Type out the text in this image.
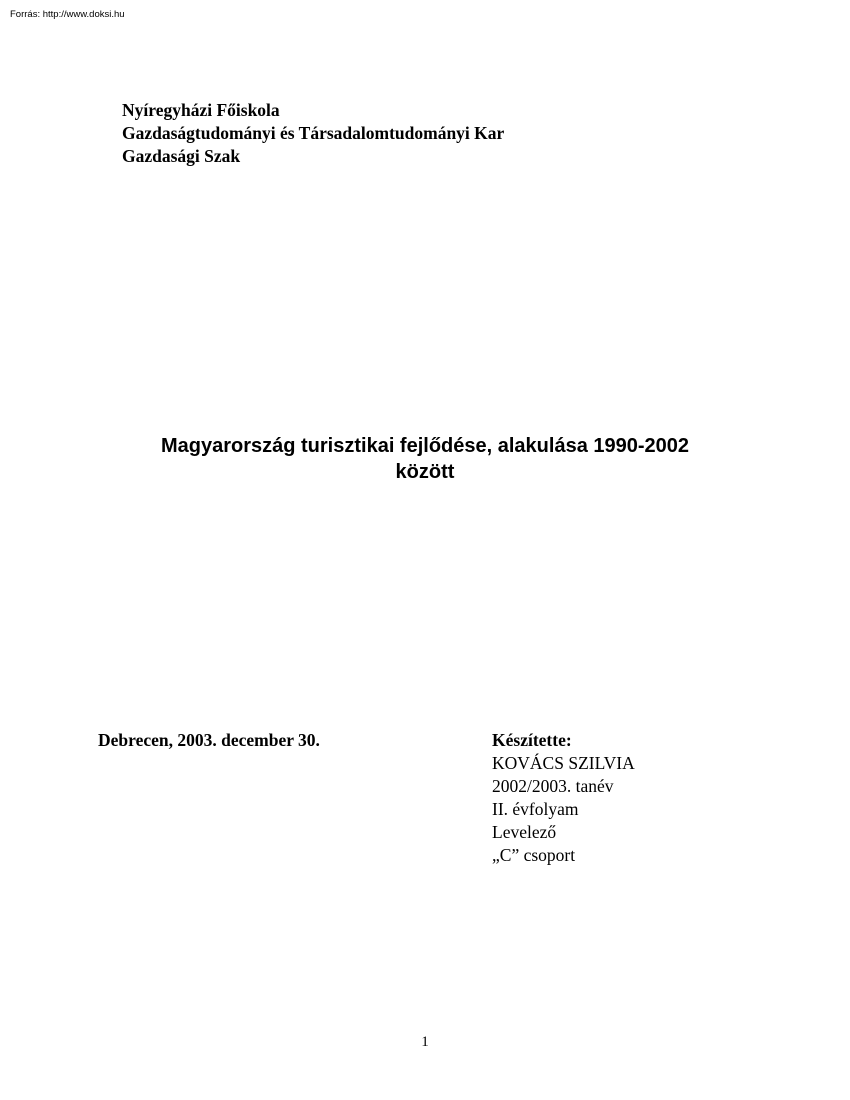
Forrás: http://www.doksi.hu
Nyíregyházi Főiskola
Gazdaságtudományi és Társadalomtudományi Kar
Gazdasági Szak
Magyarország turisztikai fejlődése, alakulása 1990-2002
között
Debrecen, 2003. december 30.	Készítette:
KOVÁCS SZILVIA
2002/2003. tanév
II. évfolyam
Levelező
„C” csoport
1
